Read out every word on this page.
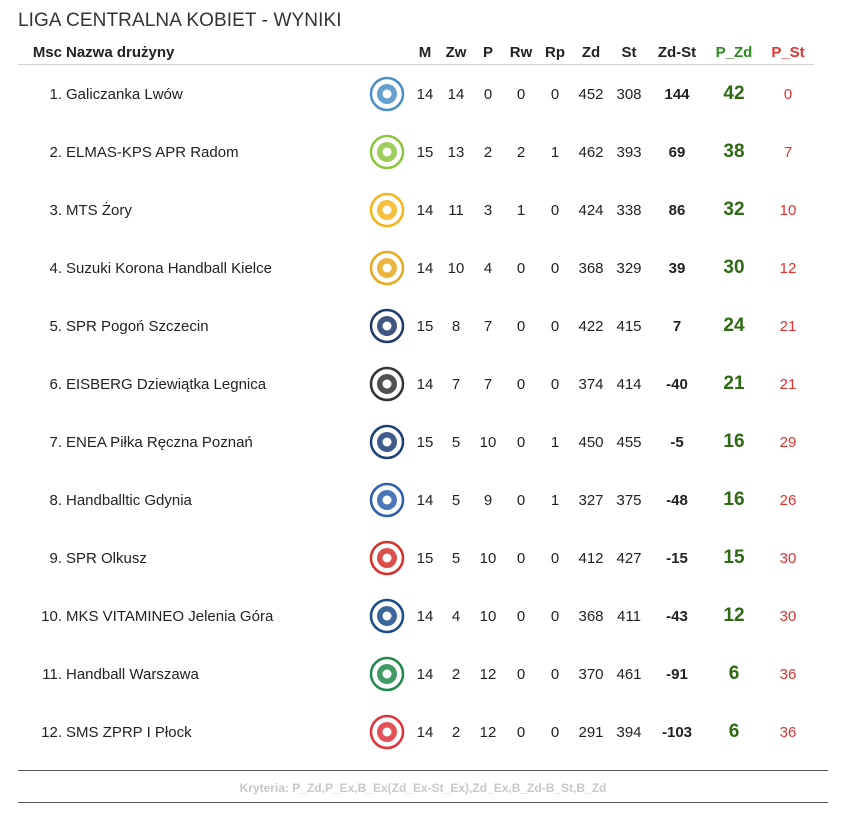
LIGA CENTRALNA KOBIET - WYNIKI
Msc	Nazwa drużyny		M	Zw	P	Rw	Rp	Zd	St	Zd-St	P_Zd	P_St
1.	Galiczanka Lwów		14	14	0	0	0	452	308	144	42	0
2.	ELMAS-KPS APR Radom		15	13	2	2	1	462	393	69	38	7
3.	MTS Żory		14	11	3	1	0	424	338	86	32	10
4.	Suzuki Korona Handball Kielce		14	10	4	0	0	368	329	39	30	12
5.	SPR Pogoń Szczecin		15	8	7	0	0	422	415	7	24	21
6.	EISBERG Dziewiątka Legnica		14	7	7	0	0	374	414	-40	21	21
7.	ENEA Piłka Ręczna Poznań		15	5	10	0	1	450	455	-5	16	29
8.	Handballtic Gdynia		14	5	9	0	1	327	375	-48	16	26
9.	SPR Olkusz		15	5	10	0	0	412	427	-15	15	30
10.	MKS VITAMINEO Jelenia Góra		14	4	10	0	0	368	411	-43	12	30
11.	Handball Warszawa		14	2	12	0	0	370	461	-91	6	36
12.	SMS ZPRP I Płock		14	2	12	0	0	291	394	-103	6	36
Kryteria: P_Zd,P_Ex,B_Ex(Zd_Ex-St_Ex),Zd_Ex,B_Zd-B_St,B_Zd
